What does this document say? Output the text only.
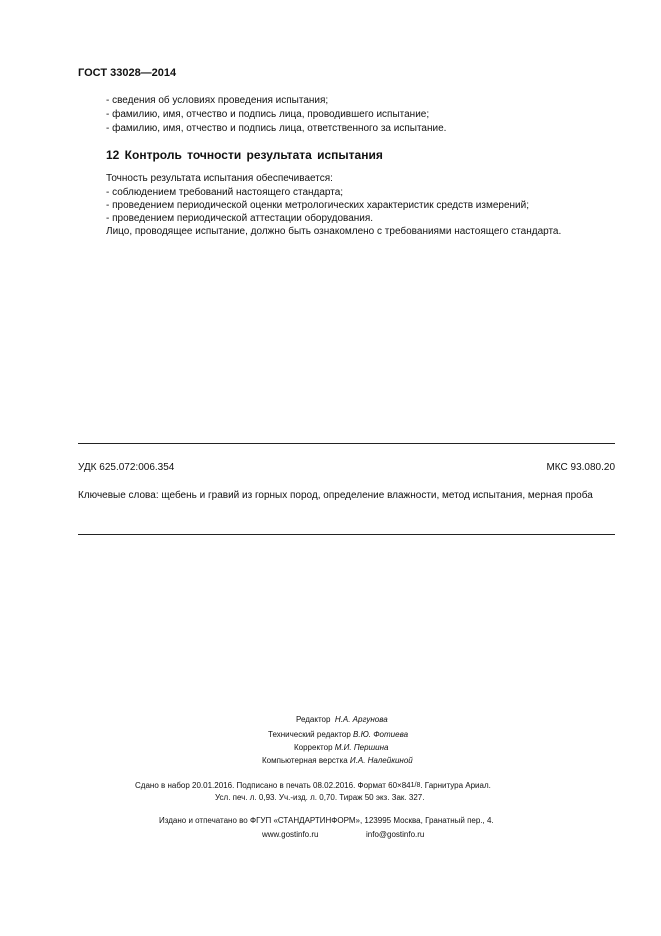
ГОСТ 33028—2014
- сведения об условиях проведения испытания;
- фамилию, имя, отчество и подпись лица, проводившего испытание;
- фамилию, имя, отчество и подпись лица, ответственного за испытание.
12 Контроль точности результата испытания
Точность результата испытания обеспечивается:
- соблюдением требований настоящего стандарта;
- проведением периодической оценки метрологических характеристик средств измерений;
- проведением периодической аттестации оборудования.
Лицо, проводящее испытание, должно быть ознакомлено с требованиями настоящего стандарта.
УДК 625.072:006.354	МКС 93.080.20
Ключевые слова: щебень и гравий из горных пород, определение влажности, метод испытания, мерная проба
Редактор Н.А. Аргунова
Технический редактор В.Ю. Фотиева
Корректор М.И. Першина
Компьютерная верстка И.А. Налейкиной
Сдано в набор 20.01.2016. Подписано в печать 08.02.2016. Формат 60×841/8. Гарнитура Ариал.
Усл. печ. л. 0,93. Уч.-изд. л. 0,70. Тираж 50 экз. Зак. 327.
Издано и отпечатано во ФГУП «СТАНДАРТИНФОРМ», 123995 Москва, Гранатный пер., 4.
www.gostinfo.ru	info@gostinfo.ru
